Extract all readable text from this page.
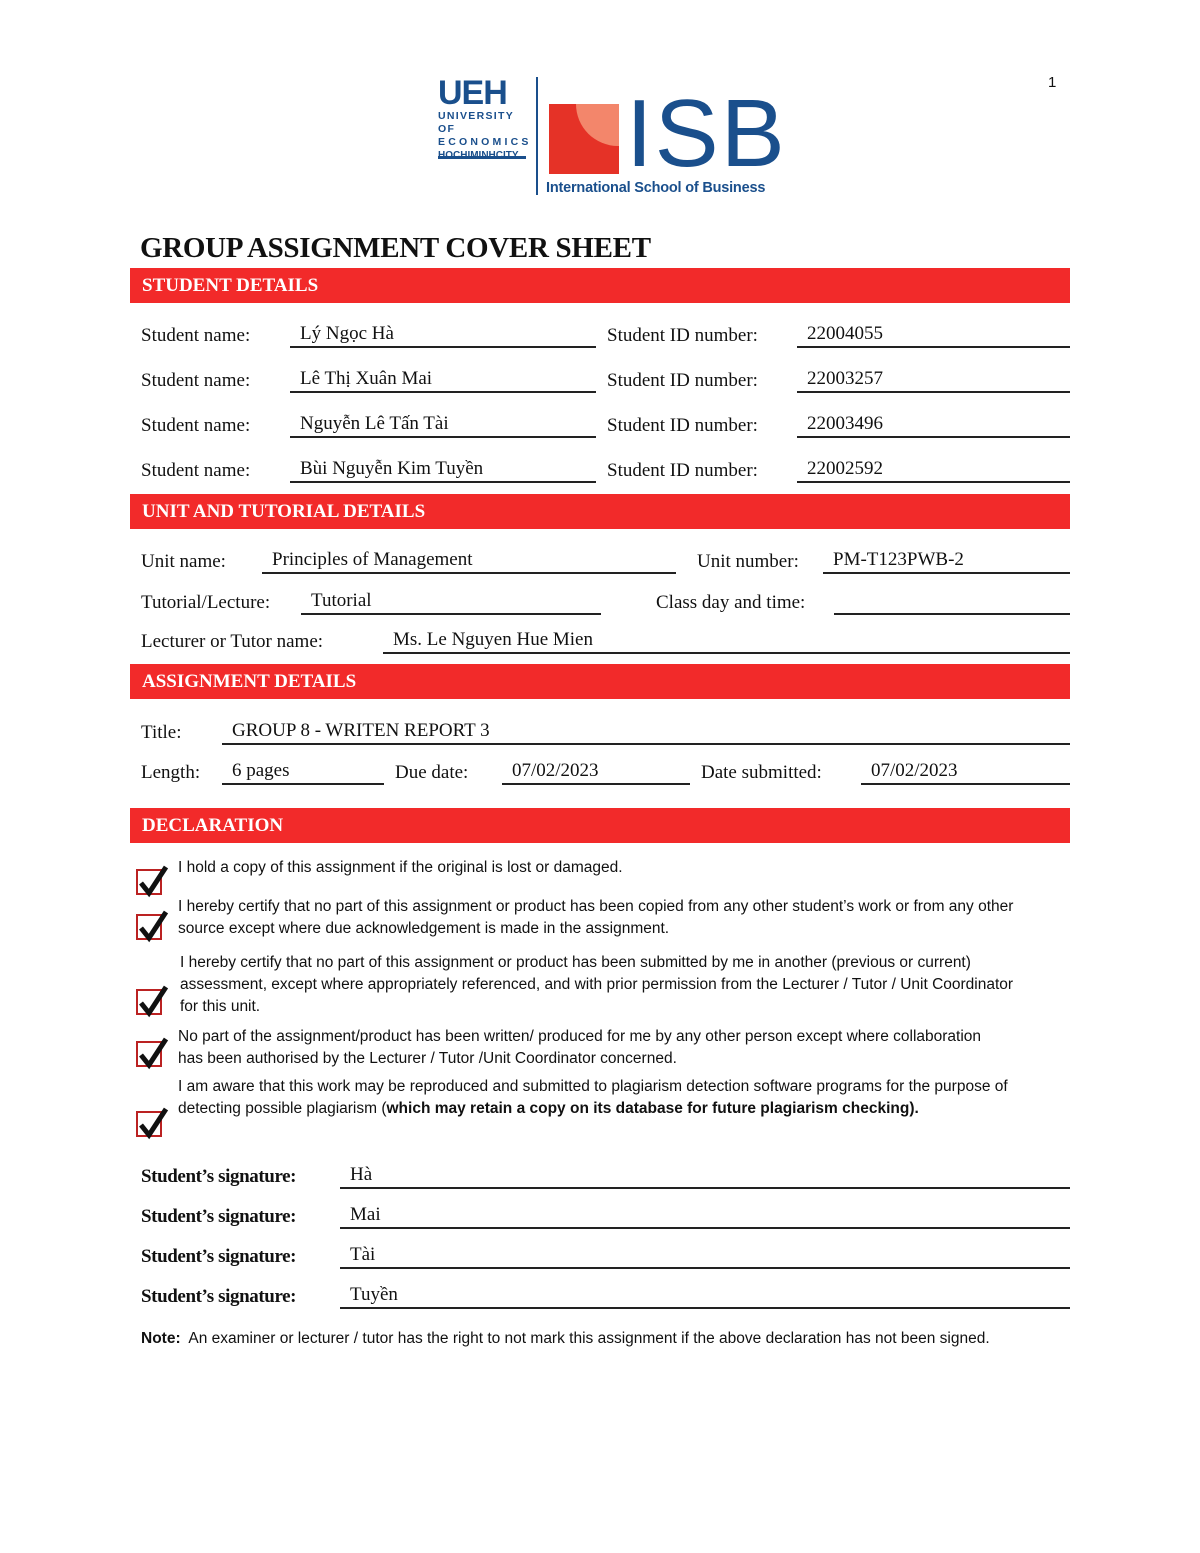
1
UEH
UNIVERSITY OF
ECONOMICS ISB
International School of Business
GROUP ASSIGNMENT COVER SHEET
STUDENT DETAILS
Student name:	Lý Ngọc Hà	Student ID number:	22004055
Student name:	Lê Thị Xuân Mai	Student ID number:	22003257
Student name:	Nguyễn Lê Tấn Tài	Student ID number:	22003496
Student name:	Bùi Nguyễn Kim Tuyền	Student ID number:	22002592
UNIT AND TUTORIAL DETAILS
Unit name:	Principles of Management	Unit number:	PM-T123PWB-2
Tutorial/Lecture:	Tutorial	Class day and time:
Lecturer or Tutor name:	Ms. Le Nguyen Hue Mien
ASSIGNMENT DETAILS
Title:	GROUP 8 - WRITEN REPORT 3
Length:	6 pages	Due date:	07/02/2023	Date submitted:	07/02/2023
DECLARATION
I hold a copy of this assignment if the original is lost or damaged.
I hereby certify that no part of this assignment or product has been copied from any other student’s work or from any other source except where due acknowledgement is made in the assignment.
I hereby certify that no part of this assignment or product has been submitted by me in another (previous or current) assessment, except where appropriately referenced, and with prior permission from the Lecturer / Tutor / Unit Coordinator for this unit.
No part of the assignment/product has been written/ produced for me by any other person except where collaboration has been authorised by the Lecturer / Tutor /Unit Coordinator concerned.
I am aware that this work may be reproduced and submitted to plagiarism detection software programs for the purpose of detecting possible plagiarism (which may retain a copy on its database for future plagiarism checking).
Student’s signature:	Hà
Student’s signature:	Mai
Student’s signature:	Tài
Student’s signature:	Tuyền
Note: An examiner or lecturer / tutor has the right to not mark this assignment if the above declaration has not been signed.
